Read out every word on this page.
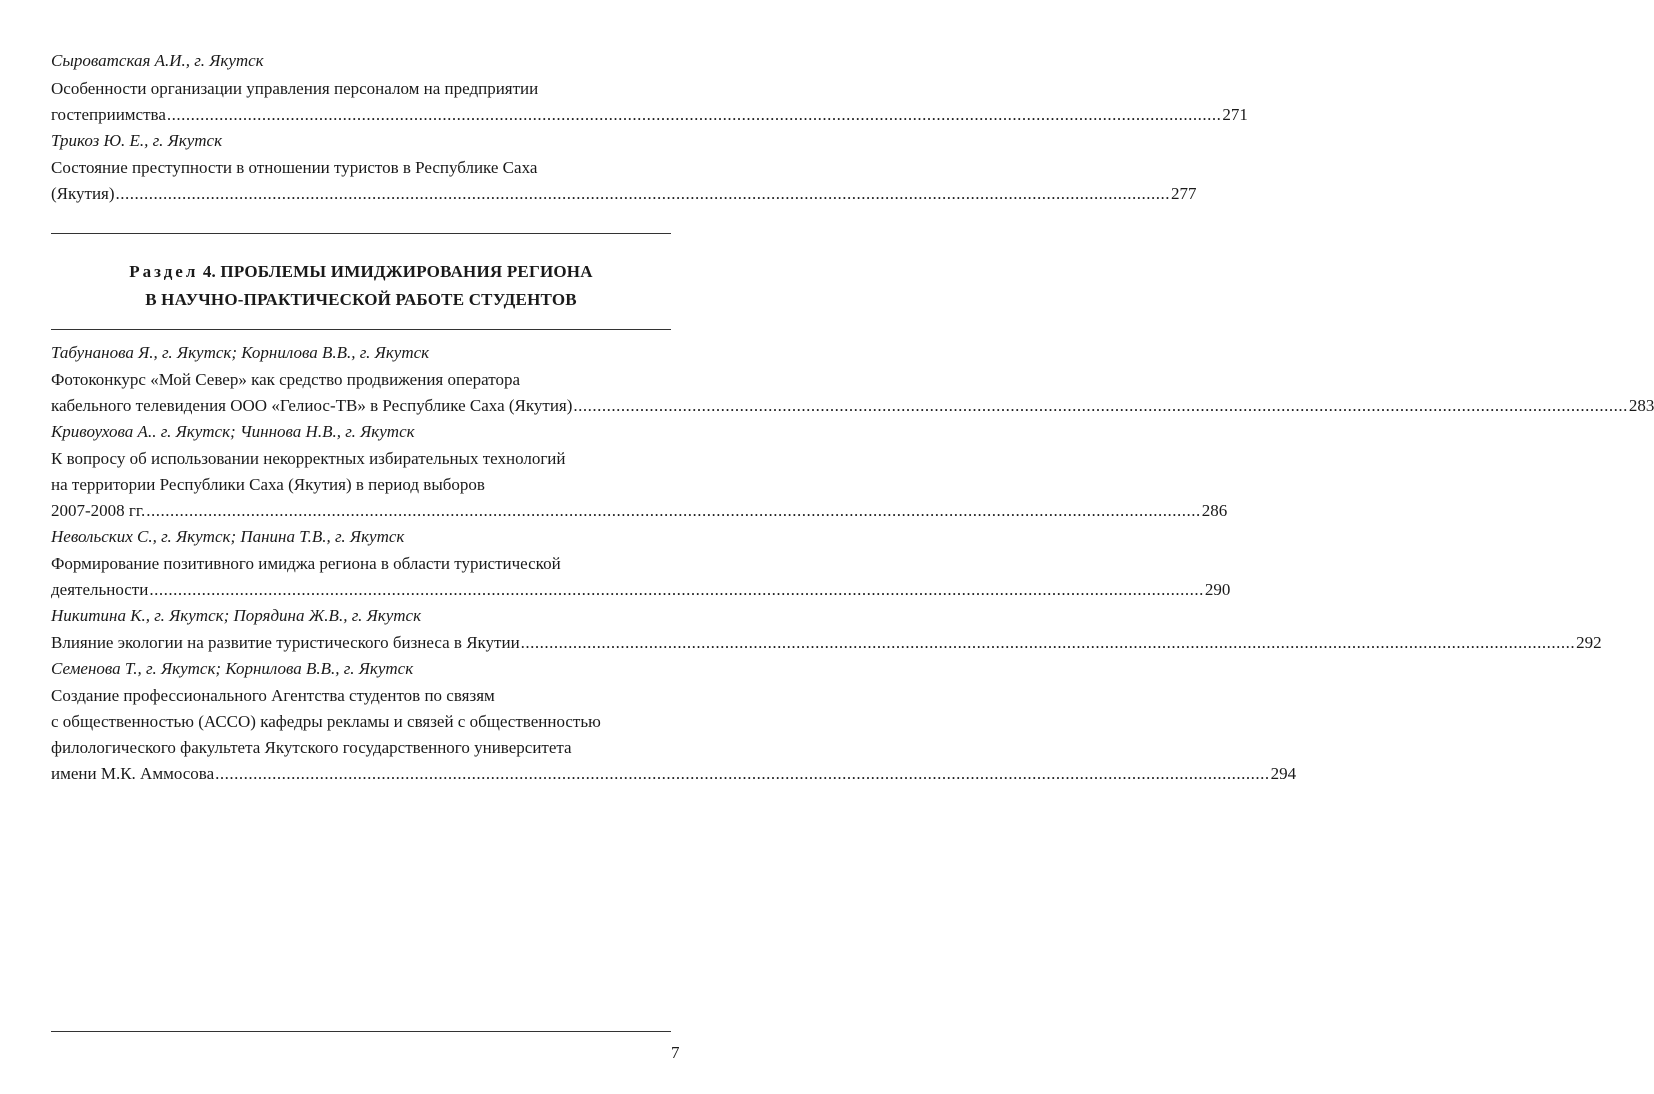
Сыроватская А.И., г. Якутск
Особенности организации управления персоналом на предприятии
гостеприимства .............................................................................................................................................................................................................................. 271
Трикоз Ю. Е., г. Якутск
Состояние преступности в отношении туристов в Республике Саха
(Якутия) .............................................................................................................................................................................................................................. 277
Раздел 4. ПРОБЛЕМЫ ИМИДЖИРОВАНИЯ РЕГИОНА
В НАУЧНО-ПРАКТИЧЕСКОЙ РАБОТЕ СТУДЕНТОВ
Табунанова Я., г. Якутск; Корнилова В.В., г. Якутск
Фотоконкурс «Мой Север» как средство продвижения оператора
кабельного телевидения ООО «Гелиос-ТВ» в Республике Саха (Якутия) .............................................................................................................................................................................................................................. 283
Кривоухова А.. г. Якутск; Чиннова Н.В., г. Якутск
К вопросу об использовании некорректных избирательных технологий
на территории Республики Саха (Якутия) в период выборов
2007-2008 гг. .............................................................................................................................................................................................................................. 286
Невольских С., г. Якутск; Панина Т.В., г. Якутск
Формирование позитивного имиджа региона в области туристической
деятельности .............................................................................................................................................................................................................................. 290
Никитина К., г. Якутск; Порядина Ж.В., г. Якутск
Влияние экологии на развитие туристического бизнеса в Якутии .............................................................................................................................................................................................................................. 292
Семенова Т., г. Якутск; Корнилова В.В., г. Якутск
Создание профессионального Агентства студентов по связям
с общественностью (АССО) кафедры рекламы и связей с общественностью
филологического факультета Якутского государственного университета
имени М.К. Аммосова .............................................................................................................................................................................................................................. 294
7
